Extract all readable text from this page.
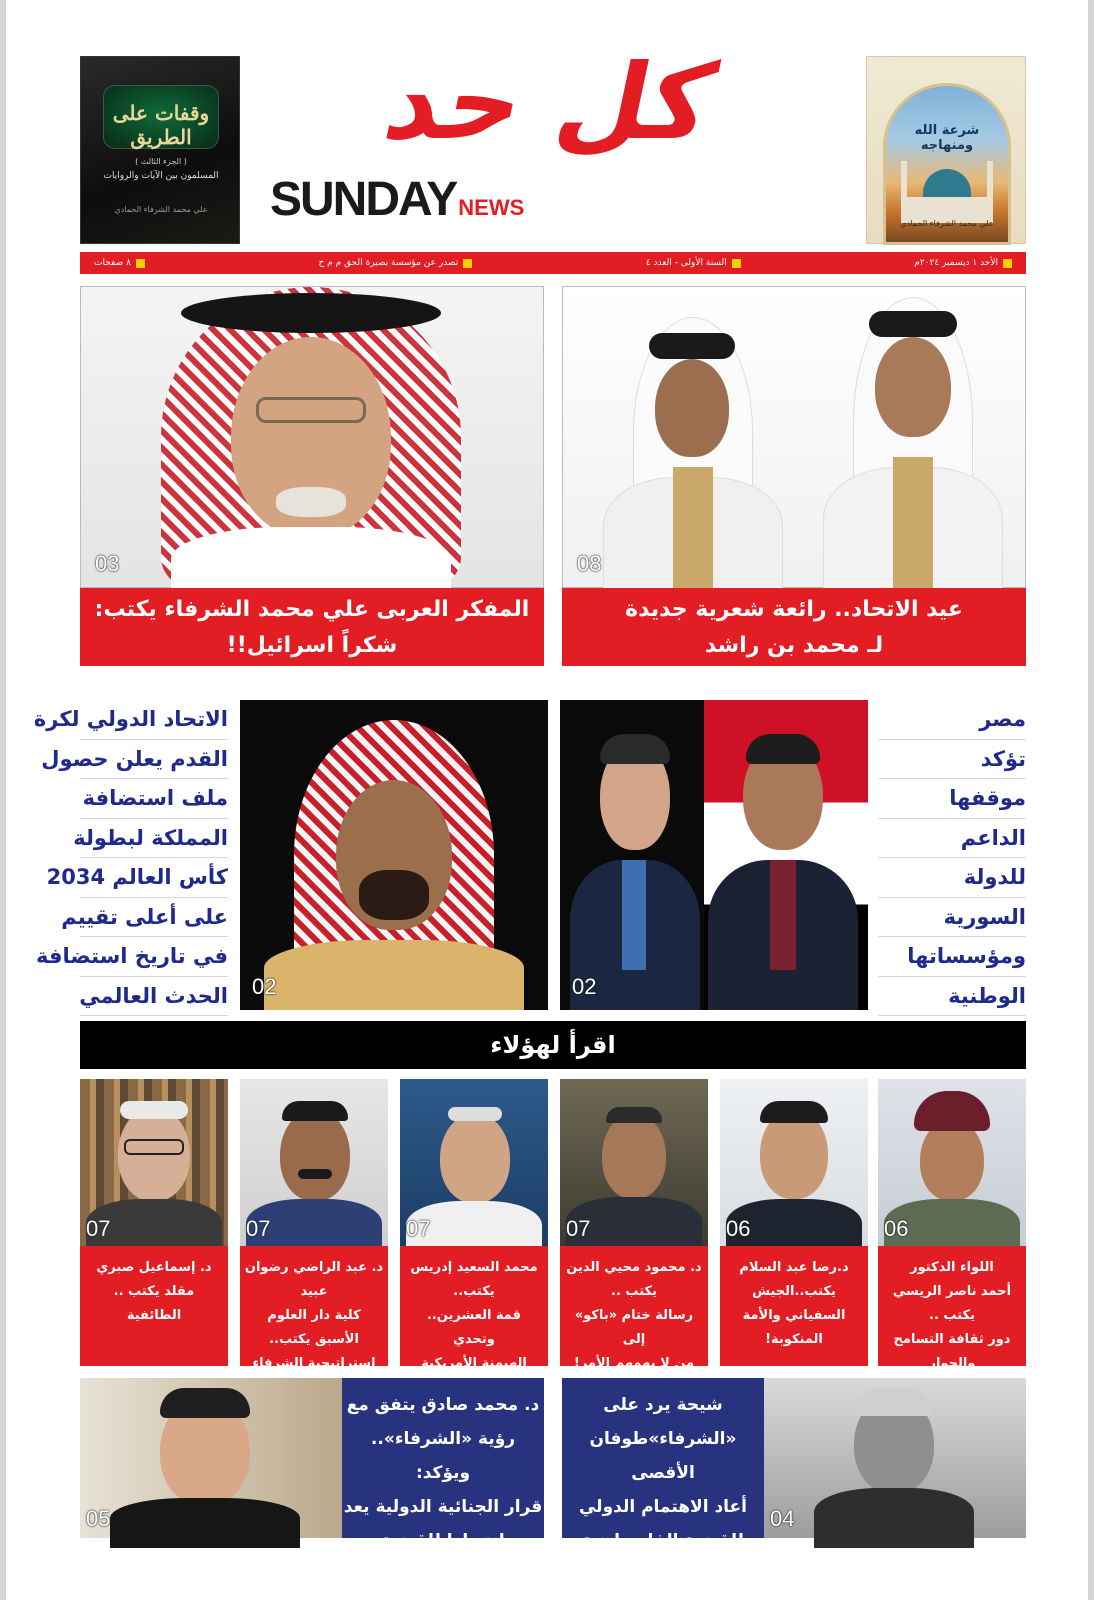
وقفات على الطريق
( الجزء الثالث )
المسلمون بين الآيات والروايات
علي محمد الشرفاء الحمادي
كل حد
SUNDAYNEWS
شرعة الله ومنهاجه
علي محمد الشرفاء الحمادي
الأحد ١ ديسمبر ٢٠٢٤م
السنة الأولى - العدد ٤
تصدر عن مؤسسة بصيرة الحق م م ح
٨ صفحات
08
عيد الاتحاد.. رائعة شعرية جديدة
لـ محمد بن راشد
03
المفكر العربى علي محمد الشرفاء يكتب:
شكراً اسرائيل!!
مصر
تؤكد
موقفها
الداعم
للدولة
السورية
ومؤسساتها
الوطنية
02
02
الاتحاد الدولي لكرة
القدم يعلن حصول
ملف استضافة
المملكة لبطولة
كأس العالم 2034
على أعلى تقييم
في تاريخ استضافة
الحدث العالمي
اقرأ لهؤلاء
06
اللواء الدكتور
أحمد ناصر الريسي يكتب ..
دور ثقافة التسامح والحوار
06
د.رضا عبد السلام
يكتب..الجيش
السفياني والأمة
المنكوبة!
07
د. محمود محيي الدين
يكتب ..
رسالة ختام «باكو» إلى
من لا يهمهم الأمر!
07
محمد السعيد إدريس
يكتب..
قمة العشرين.. وتحدي
الهيمنة الأمريكية
07
د. عبد الراضي رضوان عبيد
كلية دار العلوم الأسبق يكتب..
استراتيجية الشرفاء
07
د. إسماعيل صبري
مقلد يكتب ..
الطائفية
شيحة يرد على
«الشرفاء»طوفان الأقصى
أعاد الاهتمام الدولي
للقضية الفلسطينية
04
د. محمد صادق يتفق مع
رؤية «الشرفاء».. ويؤكد:
قرار الجنائية الدولية يعد
انتصارا للقضية الفلسطينية
05
